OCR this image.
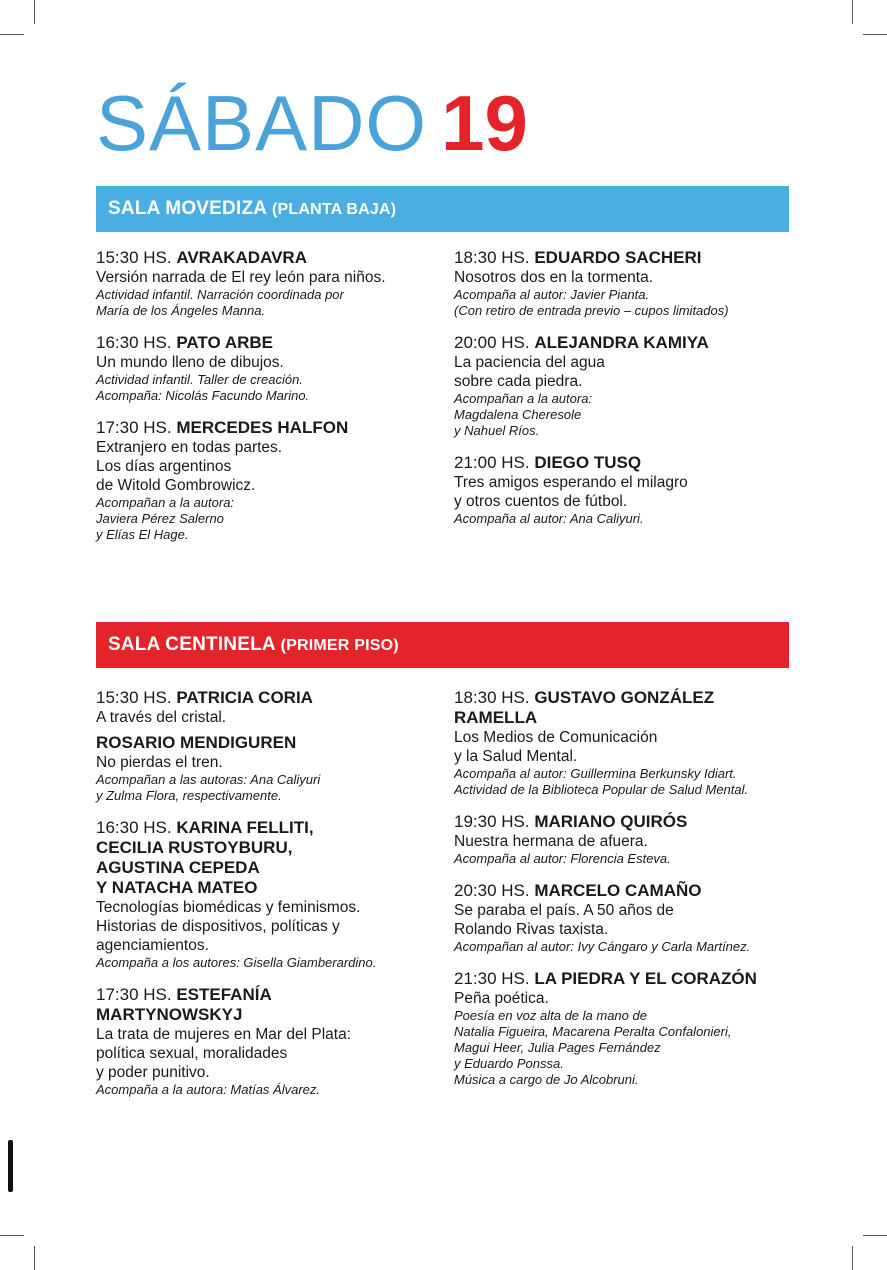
SÁBADO 19
SALA MOVEDIZA (PLANTA BAJA)
SALA CENTINELA (PRIMER PISO)
15:30 HS. AVRAKADAVRA
Versión narrada de El rey león para niños.
Actividad infantil. Narración coordinada por
María de los Ángeles Manna.
16:30 HS. PATO ARBE
Un mundo lleno de dibujos.
Actividad infantil. Taller de creación.
Acompaña: Nicolás Facundo Marino.
17:30 HS. MERCEDES HALFON
Extranjero en todas partes.
Los días argentinos
de Witold Gombrowicz.
Acompañan a la autora:
Javiera Pérez Salerno
y Elías El Hage.
18:30 HS. EDUARDO SACHERI
Nosotros dos en la tormenta.
Acompaña al autor: Javier Pianta.
(Con retiro de entrada previo – cupos limitados)
20:00 HS. ALEJANDRA KAMIYA
La paciencia del agua
sobre cada piedra.
Acompañan a la autora:
Magdalena Cheresole
y Nahuel Ríos.
21:00 HS. DIEGO TUSQ
Tres amigos esperando el milagro
y otros cuentos de fútbol.
Acompaña al autor: Ana Caliyuri.
15:30 HS. PATRICIA CORIA
A través del cristal.
ROSARIO MENDIGUREN
No pierdas el tren.
Acompañan a las autoras: Ana Caliyuri
y Zulma Flora, respectivamente.
16:30 HS. KARINA FELLITI,
CECILIA RUSTOYBURU,
AGUSTINA CEPEDA
Y NATACHA MATEO
Tecnologías biomédicas y feminismos.
Historias de dispositivos, políticas y
agenciamientos.
Acompaña a los autores: Gisella Giamberardino.
17:30 HS. ESTEFANÍA
MARTYNOWSKYJ
La trata de mujeres en Mar del Plata:
política sexual, moralidades
y poder punitivo.
Acompaña a la autora: Matías Álvarez.
18:30 HS. GUSTAVO GONZÁLEZ
RAMELLA
Los Medios de Comunicación
y la Salud Mental.
Acompaña al autor: Guillermina Berkunsky Idiart.
Actividad de la Biblioteca Popular de Salud Mental.
19:30 HS. MARIANO QUIRÓS
Nuestra hermana de afuera.
Acompaña al autor: Florencia Esteva.
20:30 HS. MARCELO CAMAÑO
Se paraba el país. A 50 años de
Rolando Rivas taxista.
Acompañan al autor: Ivy Cángaro y Carla Martínez.
21:30 HS. LA PIEDRA Y EL CORAZÓN
Peña poética.
Poesía en voz alta de la mano de
Natalia Figueira, Macarena Peralta Confalonieri,
Magui Heer, Julia Pages Fernández
y Eduardo Ponssa.
Música a cargo de Jo Alcobruni.
